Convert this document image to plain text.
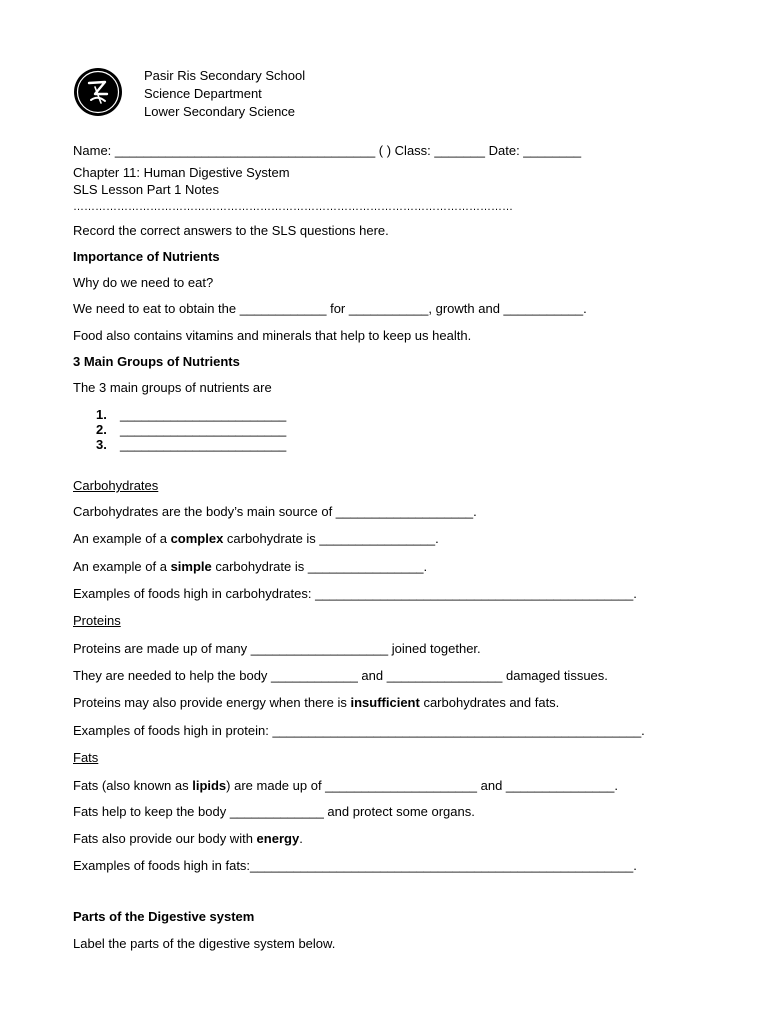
Pasir Ris Secondary School
Science Department
Lower Secondary Science
Name: ____________________________________ ( ) Class: _______ Date: ________
Chapter 11: Human Digestive System
SLS Lesson Part 1 Notes
…………………………………………………………………………………………………………
Record the correct answers to the SLS questions here.
Importance of Nutrients
Why do we need to eat?
We need to eat to obtain the ____________ for ___________, growth and ___________.
Food also contains vitamins and minerals that help to keep us health.
3 Main Groups of Nutrients
The 3 main groups of nutrients are
1. _______________________
2. _______________________
3. _______________________
Carbohydrates
Carbohydrates are the body’s main source of ___________________.
An example of a complex carbohydrate is ________________.
An example of a simple carbohydrate is ________________.
Examples of foods high in carbohydrates: ____________________________________________.
Proteins
Proteins are made up of many ___________________ joined together.
They are needed to help the body ____________ and ________________ damaged tissues.
Proteins may also provide energy when there is insufficient carbohydrates and fats.
Examples of foods high in protein: ___________________________________________________.
Fats
Fats (also known as lipids) are made up of _____________________ and _______________.
Fats help to keep the body _____________ and protect some organs.
Fats also provide our body with energy.
Examples of foods high in fats:_____________________________________________________.
Parts of the Digestive system
Label the parts of the digestive system below.
